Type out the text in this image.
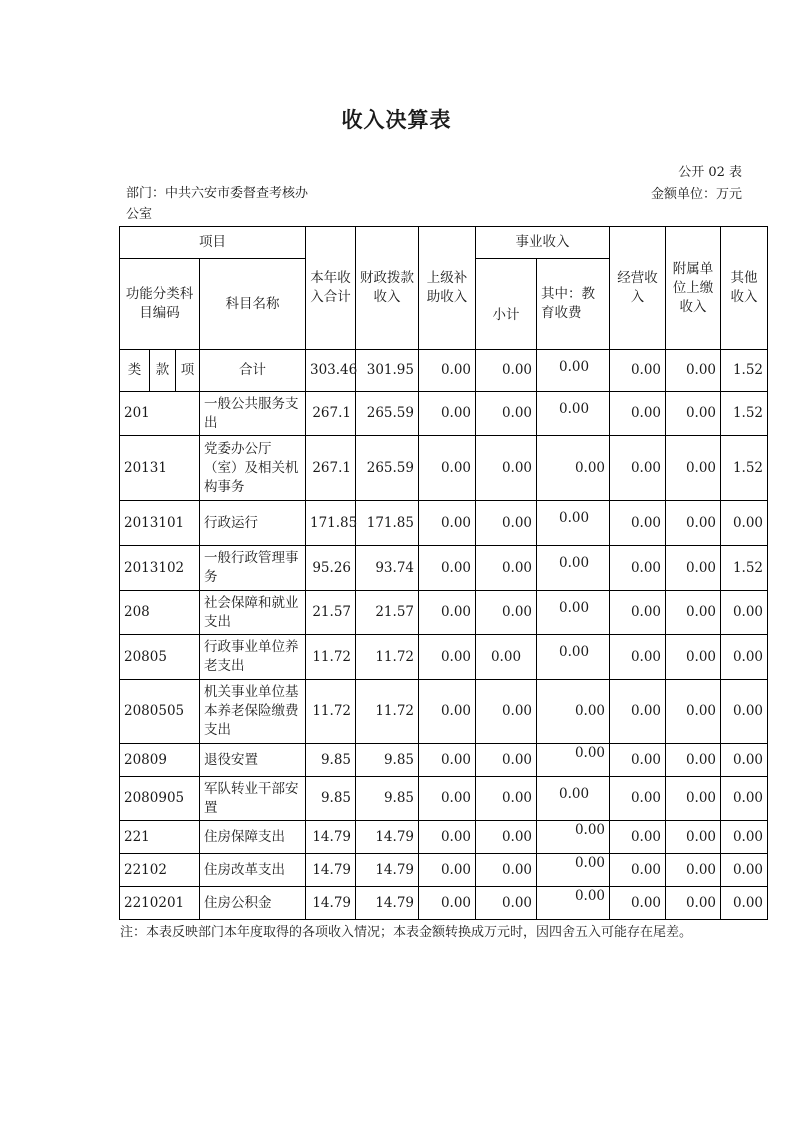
收入决算表
公开 02 表
部门：中共六安市委督查考核办公室
金额单位：万元
项目				本年收入合计	财政拨款收入	上级补助收入	事业收入		经营收入	附属单位上缴收入	其他收入
功能分类科目编码			科目名称				小计	其中：教育收费			

类	款	项	合计	303.46	301.95	0.00	0.00	0.00	0.00	0.00	1.52
201			一般公共服务支出	267.1	265.59	0.00	0.00	0.00	0.00	0.00	1.52
20131			党委办公厅（室）及相关机构事务	267.1	265.59	0.00	0.00	0.00	0.00	0.00	1.52
2013101			行政运行	171.85	171.85	0.00	0.00	0.00	0.00	0.00	0.00
2013102			一般行政管理事务	95.26	93.74	0.00	0.00	0.00	0.00	0.00	1.52
208			社会保障和就业支出	21.57	21.57	0.00	0.00	0.00	0.00	0.00	0.00
20805			行政事业单位养老支出	11.72	11.72	0.00	0.00	0.00	0.00	0.00	0.00
2080505			机关事业单位基本养老保险缴费支出	11.72	11.72	0.00	0.00	0.00	0.00	0.00	0.00
20809			退役安置	9.85	9.85	0.00	0.00	0.00	0.00	0.00	0.00
2080905			军队转业干部安置	9.85	9.85	0.00	0.00	0.00	0.00	0.00	0.00
221			住房保障支出	14.79	14.79	0.00	0.00	0.00	0.00	0.00	0.00
22102			住房改革支出	14.79	14.79	0.00	0.00	0.00	0.00	0.00	0.00
2210201			住房公积金	14.79	14.79	0.00	0.00	0.00	0.00	0.00	0.00
注：本表反映部门本年度取得的各项收入情况；本表金额转换成万元时，因四舍五入可能存在尾差。
